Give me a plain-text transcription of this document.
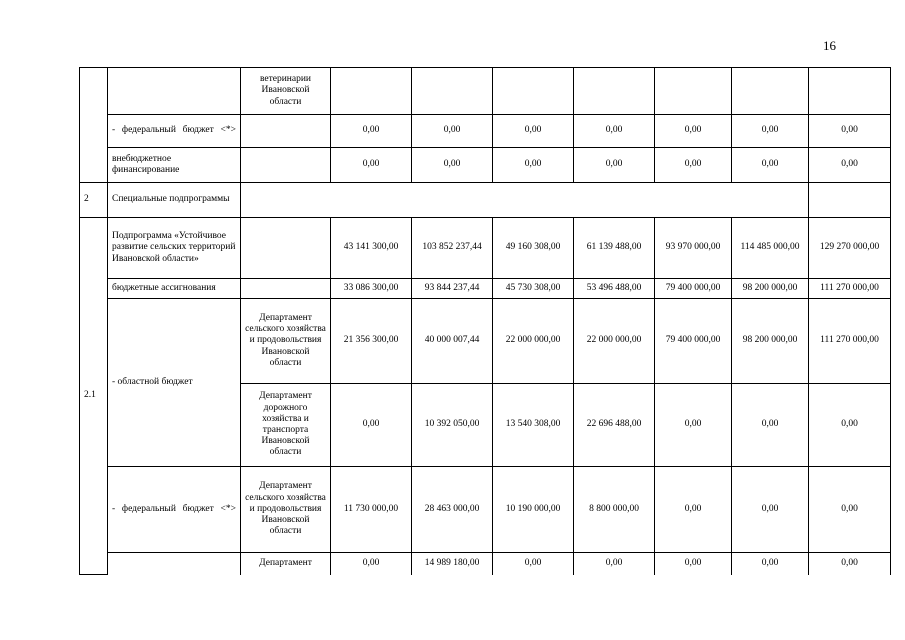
16
		ветеринарии Ивановской области							
	- федеральный бюджет <*>		0,00	0,00	0,00	0,00	0,00	0,00	0,00
	внебюджетное финансирование		0,00	0,00	0,00	0,00	0,00	0,00	0,00
2	Специальные подпрограммы								
2.1	Подпрограмма «Устойчивое развитие сельских территорий Ивановской области»		43 141 300,00	103 852 237,44	49 160 308,00	61 139 488,00	93 970 000,00	114 485 000,00	129 270 000,00
	бюджетные ассигнования		33 086 300,00	93 844 237,44	45 730 308,00	53 496 488,00	79 400 000,00	98 200 000,00	111 270 000,00
	- областной бюджет	Департамент сельского хозяйства и продовольствия Ивановской области	21 356 300,00	40 000 007,44	22 000 000,00	22 000 000,00	79 400 000,00	98 200 000,00	111 270 000,00
		Департамент дорожного хозяйства и транспорта Ивановской области	0,00	10 392 050,00	13 540 308,00	22 696 488,00	0,00	0,00	0,00
	- федеральный бюджет <*>	Департамент сельского хозяйства и продовольствия Ивановской области	11 730 000,00	28 463 000,00	10 190 000,00	8 800 000,00	0,00	0,00	0,00
		Департамент	0,00	14 989 180,00	0,00	0,00	0,00	0,00	0,00
